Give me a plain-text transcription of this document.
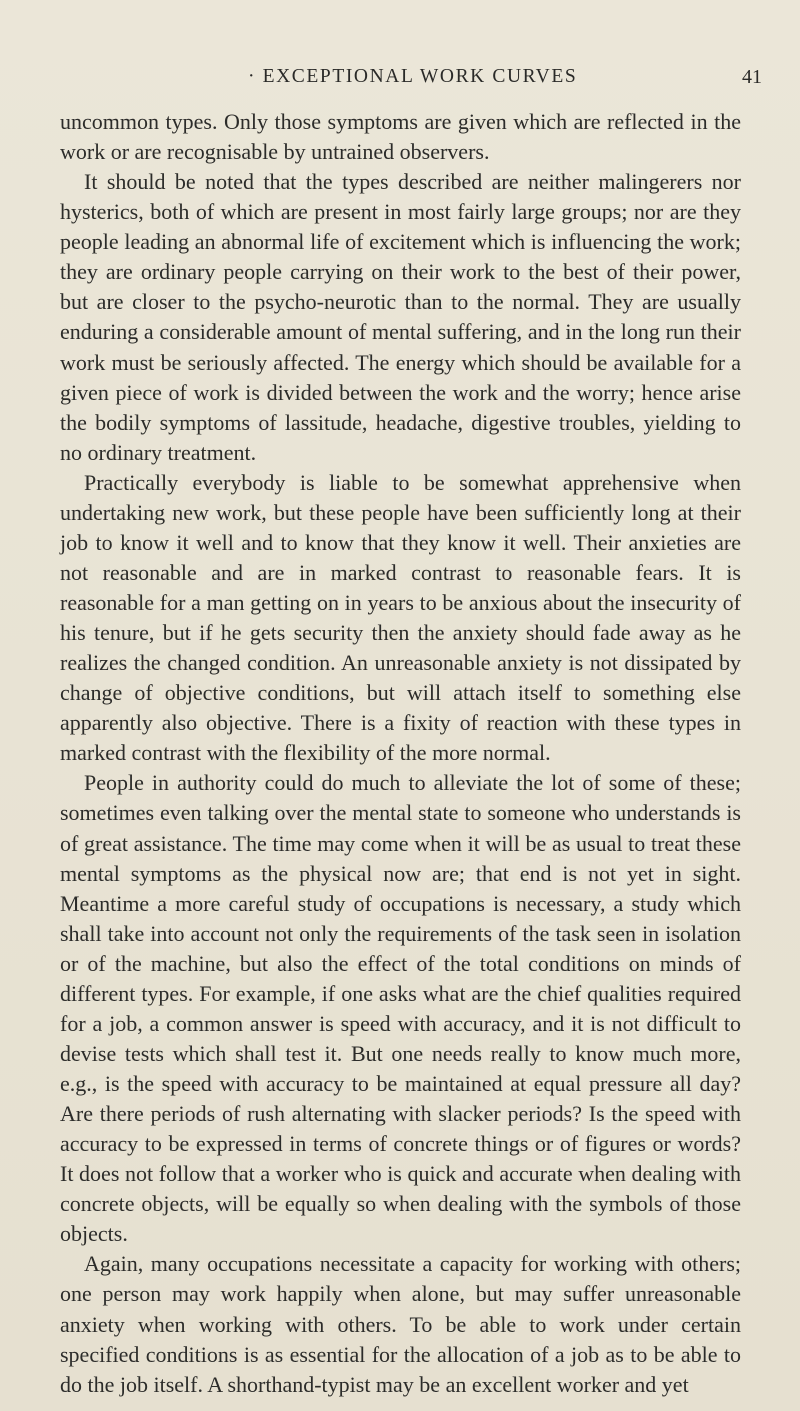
· EXCEPTIONAL WORK CURVES	41

uncommon types. Only those symptoms are given which are reflected in the work or are recognisable by untrained observers.

It should be noted that the types described are neither malingerers nor hysterics, both of which are present in most fairly large groups; nor are they people leading an abnormal life of excitement which is influencing the work; they are ordinary people carrying on their work to the best of their power, but are closer to the psycho-neurotic than to the normal. They are usually enduring a considerable amount of mental suffering, and in the long run their work must be seriously affected. The energy which should be available for a given piece of work is divided between the work and the worry; hence arise the bodily symptoms of lassitude, headache, digestive troubles, yielding to no ordinary treatment.

Practically everybody is liable to be somewhat apprehensive when undertaking new work, but these people have been sufficiently long at their job to know it well and to know that they know it well. Their anxieties are not reasonable and are in marked contrast to reasonable fears. It is reasonable for a man getting on in years to be anxious about the insecurity of his tenure, but if he gets security then the anxiety should fade away as he realizes the changed condition. An unreasonable anxiety is not dissipated by change of objective conditions, but will attach itself to something else apparently also objective. There is a fixity of reaction with these types in marked contrast with the flexibility of the more normal.

People in authority could do much to alleviate the lot of some of these; sometimes even talking over the mental state to someone who understands is of great assistance. The time may come when it will be as usual to treat these mental symptoms as the physical now are; that end is not yet in sight. Meantime a more careful study of occupations is necessary, a study which shall take into account not only the requirements of the task seen in isolation or of the machine, but also the effect of the total conditions on minds of different types. For example, if one asks what are the chief qualities required for a job, a common answer is speed with accuracy, and it is not difficult to devise tests which shall test it. But one needs really to know much more, e.g., is the speed with accuracy to be maintained at equal pressure all day? Are there periods of rush alternating with slacker periods? Is the speed with accuracy to be expressed in terms of concrete things or of figures or words? It does not follow that a worker who is quick and accurate when dealing with concrete objects, will be equally so when dealing with the symbols of those objects.

Again, many occupations necessitate a capacity for working with others; one person may work happily when alone, but may suffer unreasonable anxiety when working with others. To be able to work under certain specified conditions is as essential for the allocation of a job as to be able to do the job itself. A shorthand-typist may be an excellent worker and yet
